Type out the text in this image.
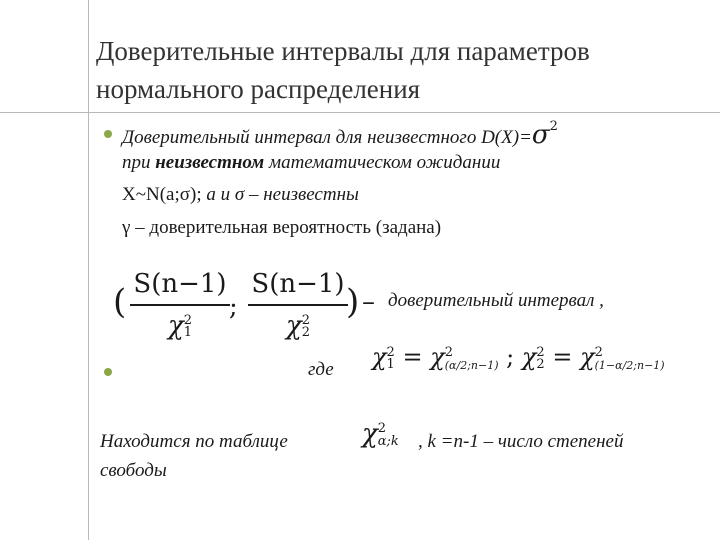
Доверительные интервалы для параметров нормального распределения
Доверительный интервал для неизвестного $D(X)=\sigma^2$
при неизвестном математическом ожидании
X~N(a;σ); a и σ – неизвестны
γ – доверительная вероятность (задана)
( S(n−1)
χ 2
1
;
S(n−1)
χ 2
2
) – доверительный интервал ,
где χ 2
1 = χ 2
(α/2;n−1) ; χ 2
2 = χ 2
(1−α/2;n−1)
Находится по таблице	χ 2
α;k , k =n-1 – число степеней
свободы
